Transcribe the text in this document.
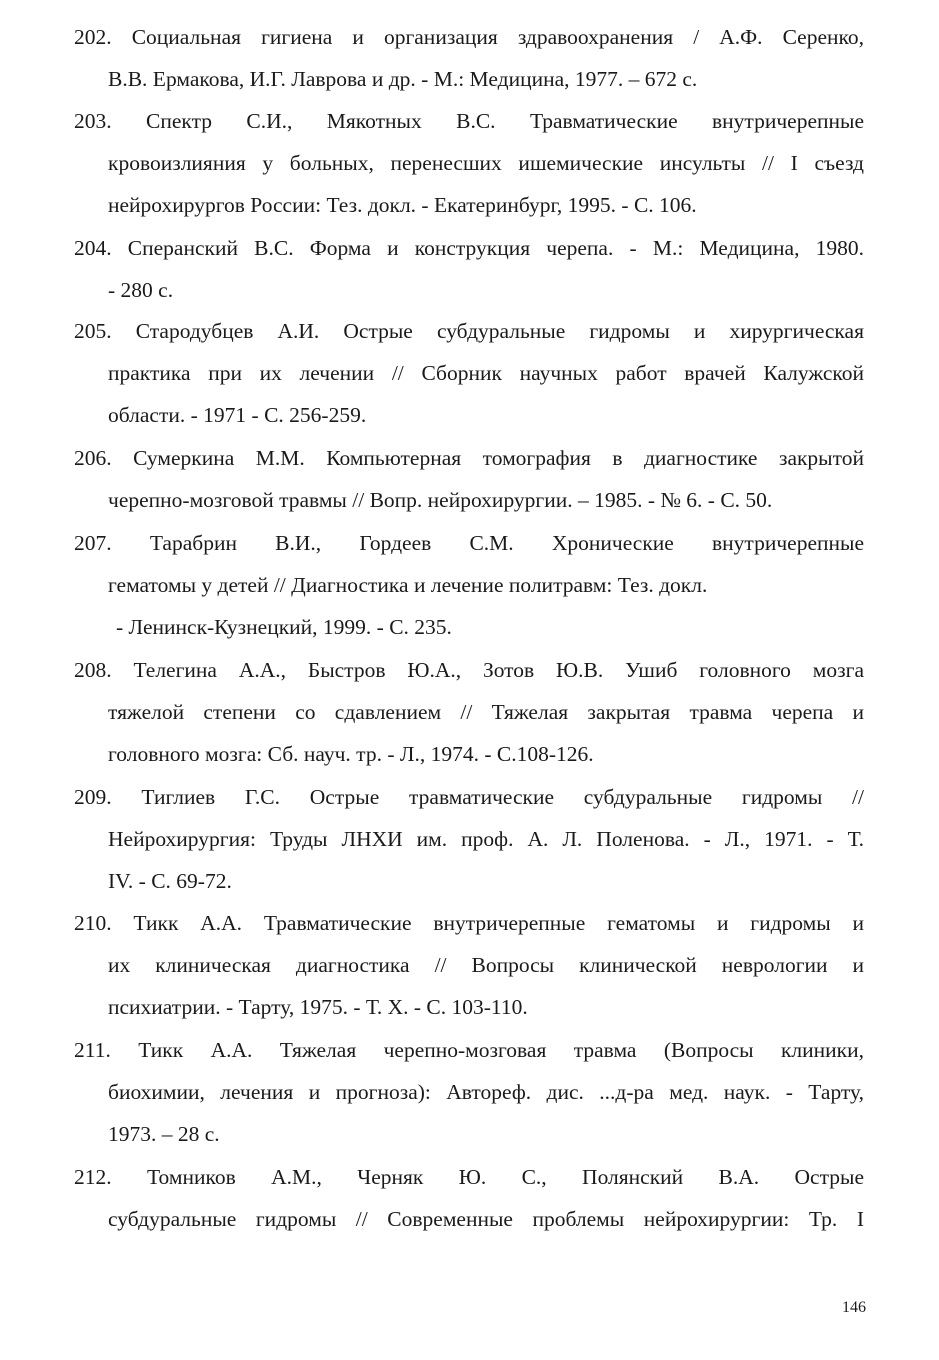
202. Социальная гигиена и организация здравоохранения / А.Ф. Серенко,
В.В. Ермакова, И.Г. Лаврова и др. - М.: Медицина, 1977. – 672 с.
203. Спектр С.И., Мякотных В.С. Травматические внутричерепные
кровоизлияния у больных, перенесших ишемические инсульты // I съезд
нейрохирургов России: Тез. докл. - Екатеринбург, 1995. - С. 106.
204. Сперанский В.С. Форма и конструкция черепа. - М.: Медицина, 1980.
- 280 с.
205. Стародубцев А.И. Острые субдуральные гидромы и хирургическая
практика при их лечении // Сборник научных работ врачей Калужской
области. - 1971 - С. 256-259.
206. Сумеркина М.М. Компьютерная томография в диагностике закрытой
черепно-мозговой травмы // Вопр. нейрохирургии. – 1985. - № 6. - С. 50.
207. Тарабрин В.И., Гордеев С.М. Хронические внутричерепные
гематомы у детей // Диагностика и лечение политравм: Тез. докл.
- Ленинск-Кузнецкий, 1999. - С. 235.
208. Телегина А.А., Быстров Ю.А., Зотов Ю.В. Ушиб головного мозга
тяжелой степени со сдавлением // Тяжелая закрытая травма черепа и
головного мозга: Сб. науч. тр. - Л., 1974. - С.108-126.
209. Тиглиев Г.С. Острые травматические субдуральные гидромы //
Нейрохирургия: Труды ЛНХИ им. проф. А. Л. Поленова. - Л., 1971. - Т.
IV. - С. 69-72.
210. Тикк А.А. Травматические внутричерепные гематомы и гидромы и
их клиническая диагностика // Вопросы клинической неврологии и
психиатрии. - Тарту, 1975. - Т. X. - С. 103-110.
211. Тикк А.А. Тяжелая черепно-мозговая травма (Вопросы клиники,
биохимии, лечения и прогноза): Автореф. дис. ...д-ра мед. наук. - Тарту,
1973. – 28 с.
212. Томников А.М., Черняк Ю. С., Полянский В.А. Острые
субдуральные гидромы // Современные проблемы нейрохирургии: Тр. I
146
